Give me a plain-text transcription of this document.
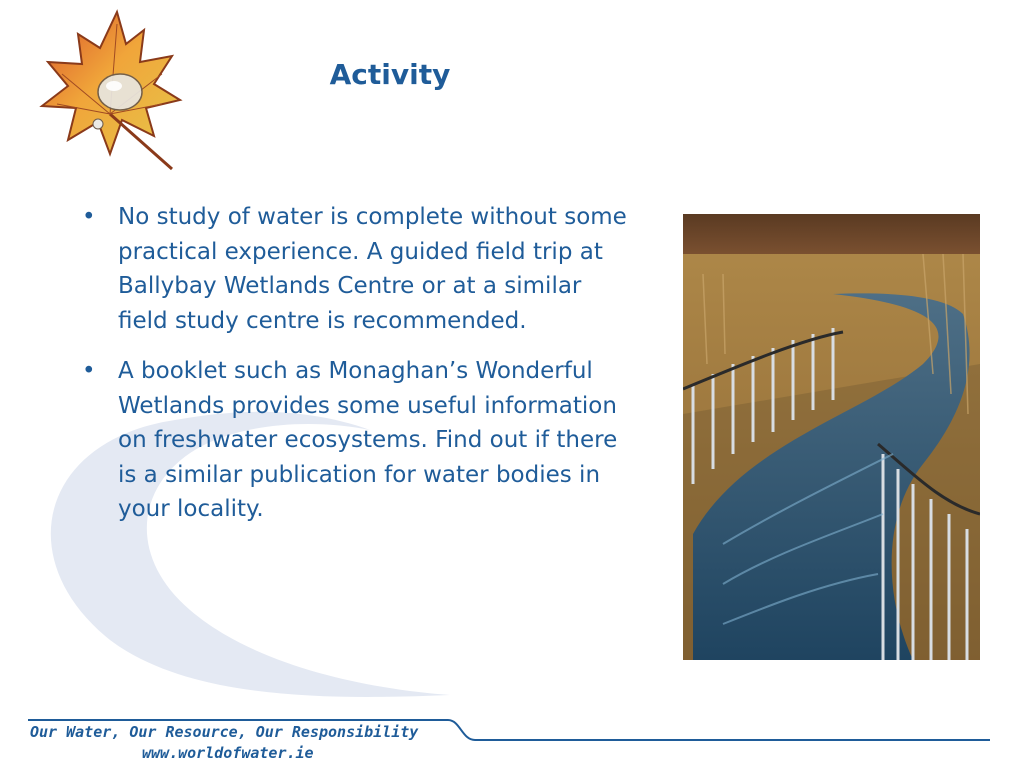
Activity
• No study of water is complete without some practical experience. A guided field trip at Ballybay Wetlands Centre or at a similar field study centre is recommended.
• A booklet such as Monaghan’s Wonderful Wetlands provides some useful information on freshwater ecosystems. Find out if there is a similar publication for water bodies in your locality.
Our Water, Our Resource, Our Responsibility
www.worldofwater.ie
